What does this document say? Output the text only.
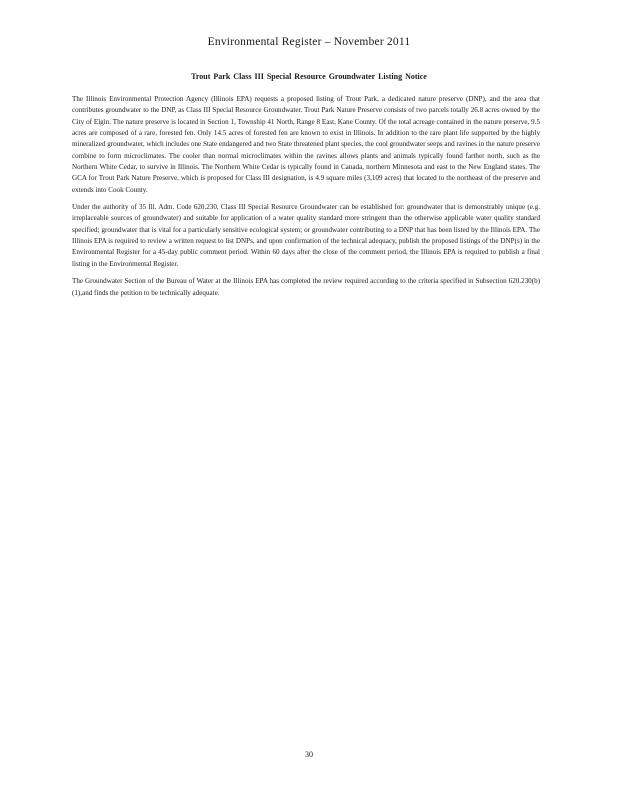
Environmental Register – November 2011
Trout Park Class III Special Resource Groundwater Listing Notice

The Illinois Environmental Protection Agency (Illinois EPA) requests a proposed listing of Trout Park, a dedicated nature preserve (DNP), and the area that contributes groundwater to the DNP, as Class III Special Resource Groundwater. Trout Park Nature Preserve consists of two parcels totally 26.8 acres owned by the City of Elgin. The nature preserve is located in Section 1, Township 41 North, Range 8 East, Kane County. Of the total acreage contained in the nature preserve, 9.5 acres are composed of a rare, forested fen. Only 14.5 acres of forested fen are known to exist in Illinois. In addition to the rare plant life supported by the highly mineralized groundwater, which includes one State endangered and two State threatened plant species, the cool groundwater seeps and ravines in the nature preserve combine to form microclimates. The cooler than normal microclimates within the ravines allows plants and animals typically found farther north, such as the Northern White Cedar, to survive in Illinois. The Northern White Cedar is typically found in Canada, northern Minnesota and east to the New England states. The GCA for Trout Park Nature Preserve, which is proposed for Class III designation, is 4.9 square miles (3,109 acres) that located to the northeast of the preserve and extends into Cook County.

Under the authority of 35 Ill. Adm. Code 620.230, Class III Special Resource Groundwater can be established for: groundwater that is demonstrably unique (e.g. irreplaceable sources of groundwater) and suitable for application of a water quality standard more stringent than the otherwise applicable water quality standard specified; groundwater that is vital for a particularly sensitive ecological system; or groundwater contributing to a DNP that has been listed by the Illinois EPA. The Illinois EPA is required to review a written request to list DNPs, and upon confirmation of the technical adequacy, publish the proposed listings of the DNP(s) in the Environmental Register for a 45-day public comment period. Within 60 days after the close of the comment period, the Illinois EPA is required to publish a final listing in the Environmental Register.

The Groundwater Section of the Bureau of Water at the Illinois EPA has completed the review required according to the criteria specified in Subsection 620.230(b)(1),and finds the petition to be technically adequate.

30
